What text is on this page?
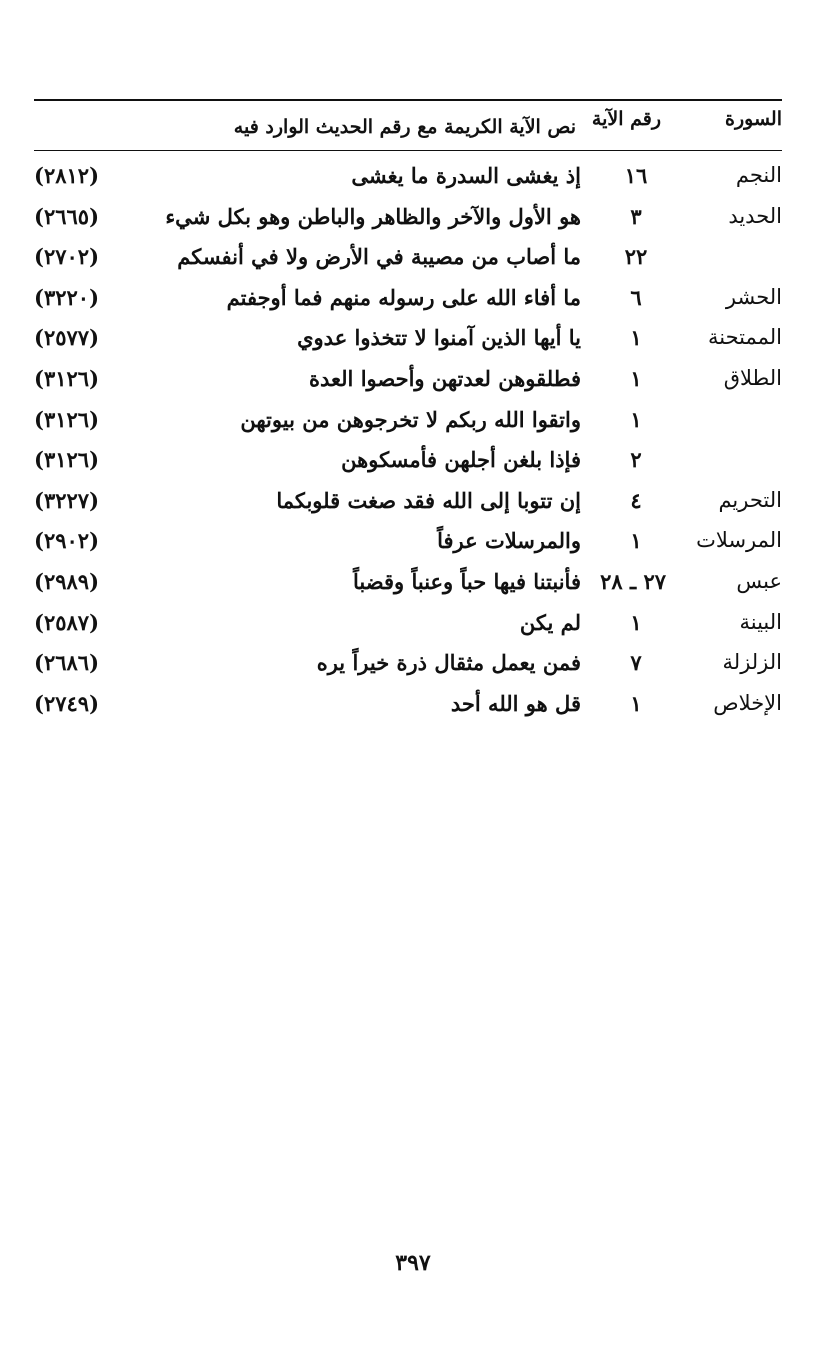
السورة
رقم الآية
نص الآية الكريمة مع رقم الحديث الوارد فيه
النجم
١٦
إذ يغشى السدرة ما يغشى
(٢٨١٢)
الحديد
٣
هو الأول والآخر والظاهر والباطن وهو بكل شيء
(٢٦٦٥)
٢٢
ما أصاب من مصيبة في الأرض ولا في أنفسكم
(٢٧٠٢)
الحشر
٦
ما أفاء الله على رسوله منهم فما أوجفتم
(٣٢٢٠)
الممتحنة
١
يا أيها الذين آمنوا لا تتخذوا عدوي
(٢٥٧٧)
الطلاق
١
فطلقوهن لعدتهن وأحصوا العدة
(٣١٢٦)
١
واتقوا الله ربكم لا تخرجوهن من بيوتهن
(٣١٢٦)
٢
فإذا بلغن أجلهن فأمسكوهن
(٣١٢٦)
التحريم
٤
إن تتوبا إلى الله فقد صغت قلوبكما
(٣٢٢٧)
المرسلات
١
والمرسلات عرفاً
(٢٩٠٢)
عبس
٢٧ ـ ٢٨
فأنبتنا فيها حباً وعنباً وقضباً
(٢٩٨٩)
البينة
١
لم يكن
(٢٥٨٧)
الزلزلة
٧
فمن يعمل مثقال ذرة خيراً يره
(٢٦٨٦)
الإخلاص
١
قل هو الله أحد
(٢٧٤٩)
٣٩٧
